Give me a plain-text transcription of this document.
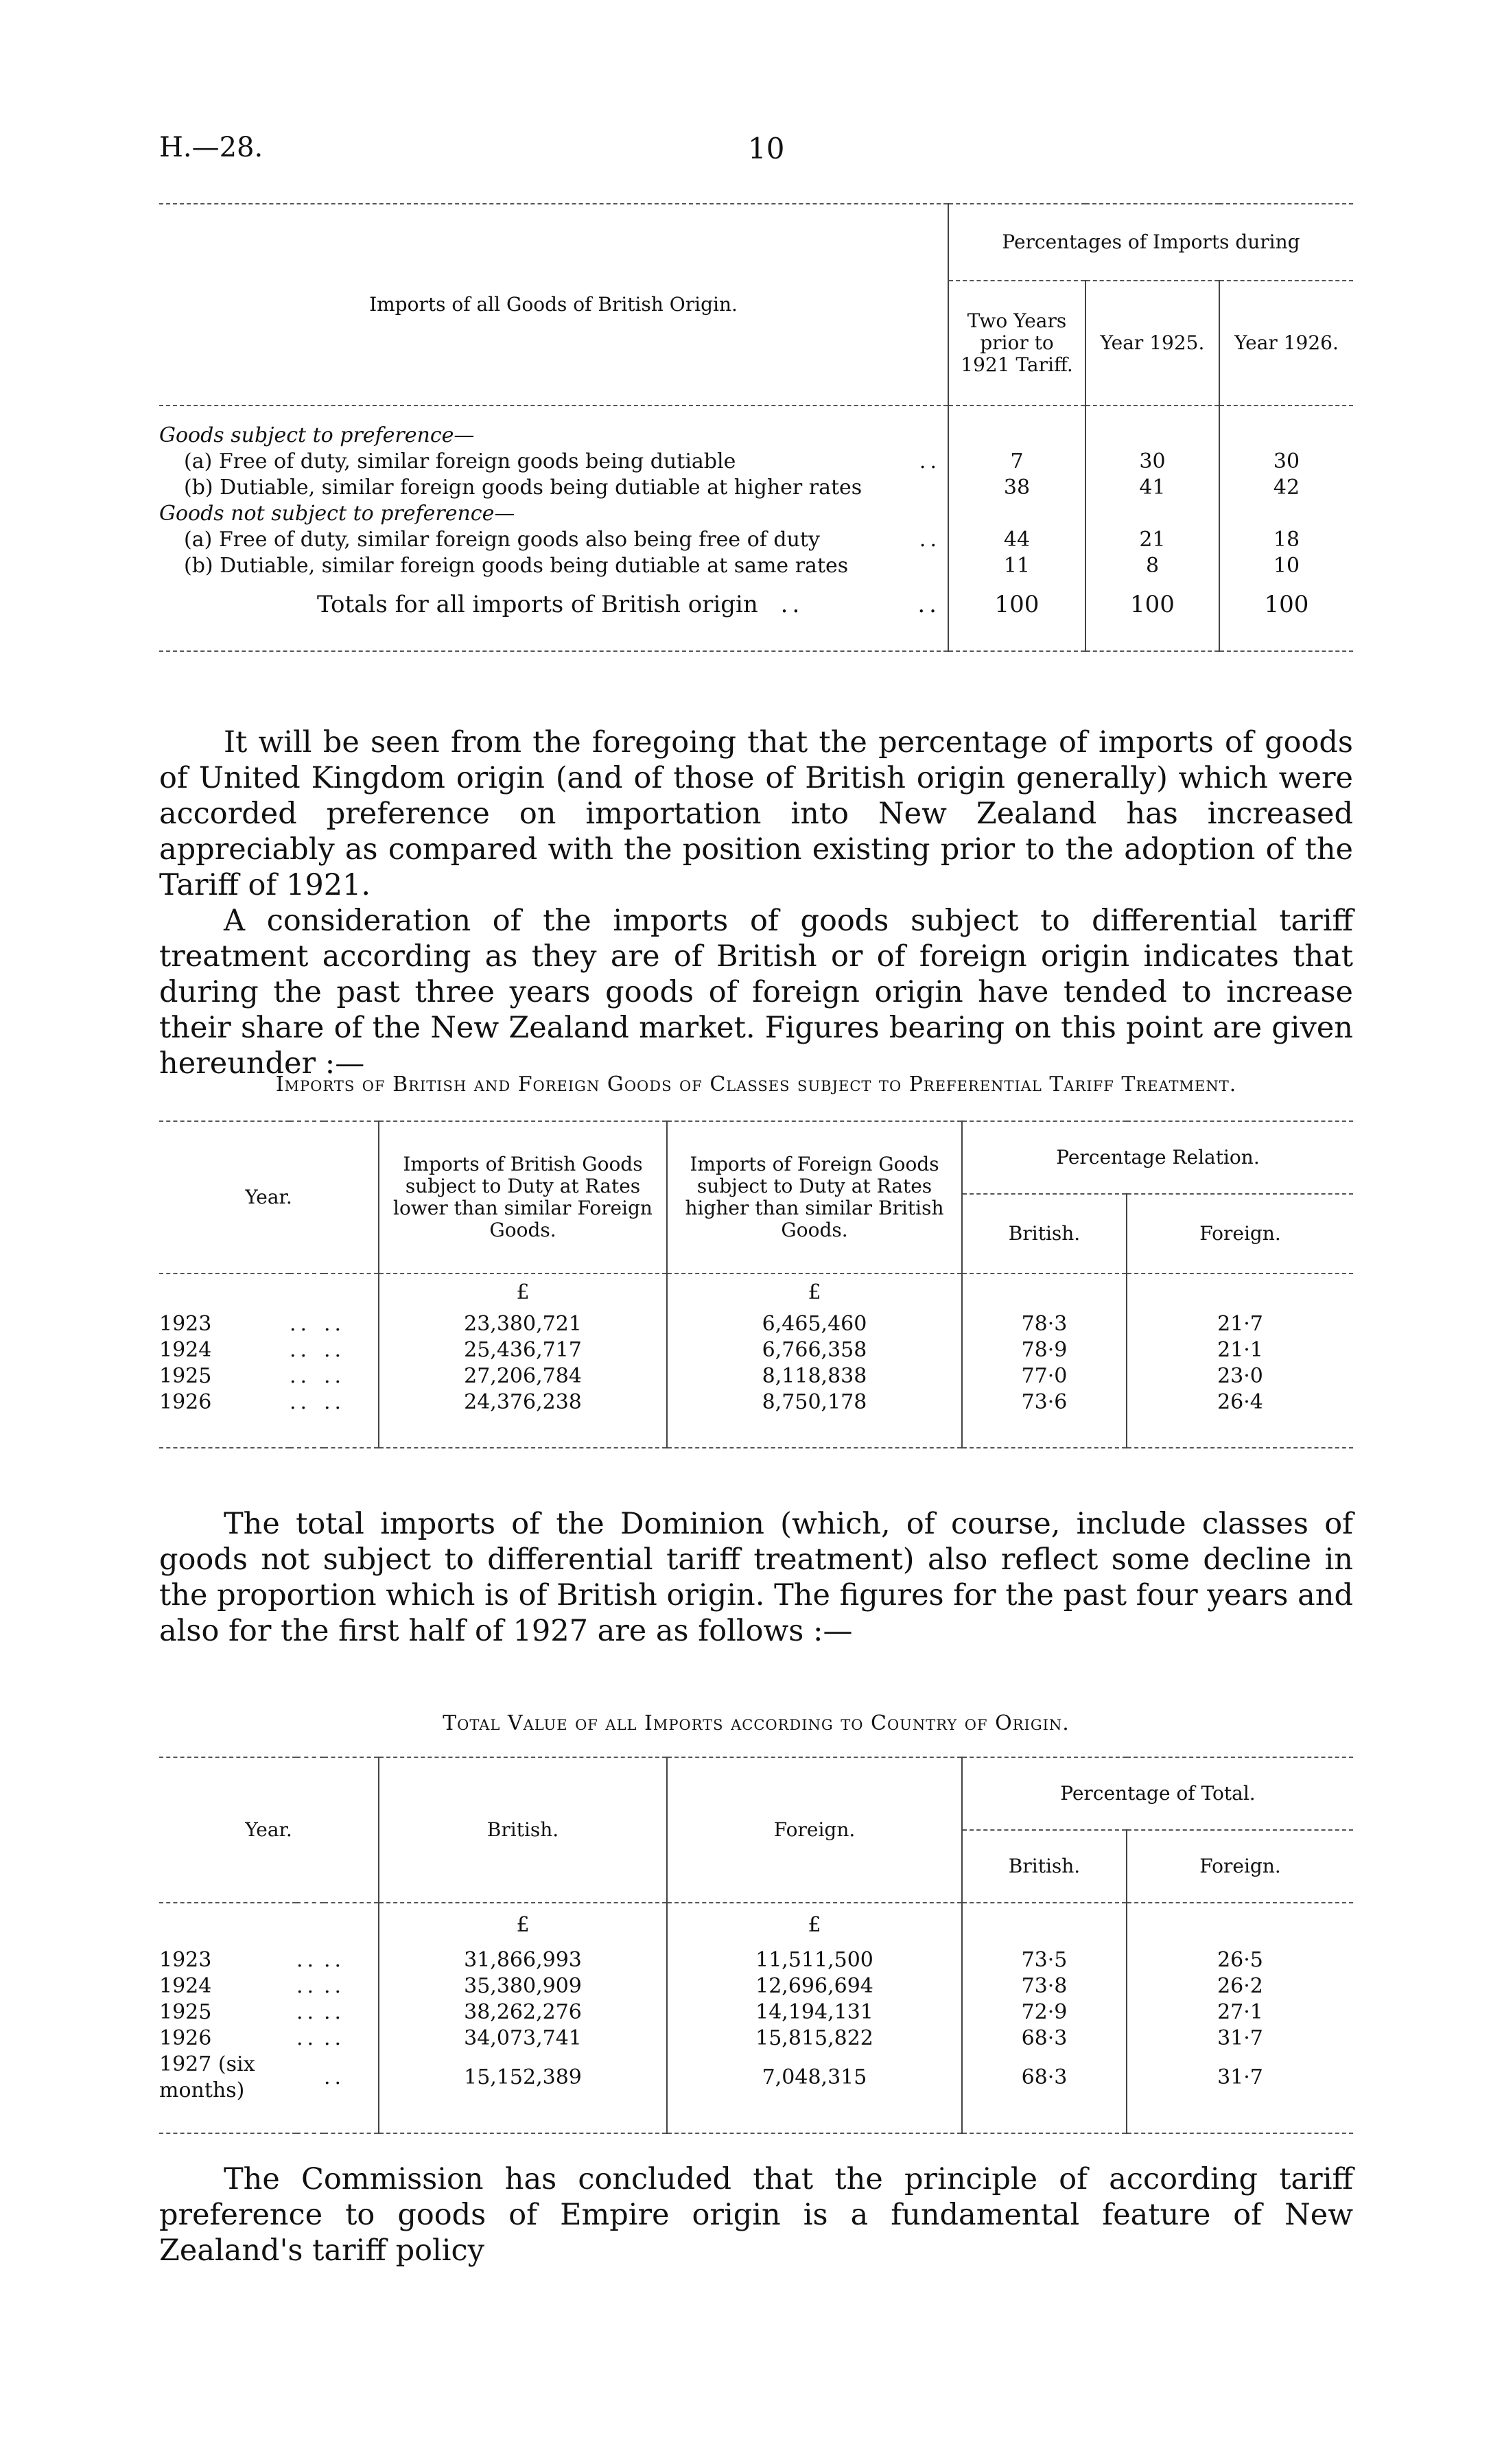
H.—28.	10
Imports of all Goods of British Origin.	Percentages of Imports during		
	Two Years prior to 1921 Tariff.	Year 1925.	Year 1926.

Goods subject to preference—			
(a) Free of duty, similar foreign goods being dutiable ..	7	30	30
(b) Dutiable, similar foreign goods being dutiable at higher rates	38	41	42
Goods not subject to preference—			
(a) Free of duty, similar foreign goods also being free of duty ..	44	21	18
(b) Dutiable, similar foreign goods being dutiable at same rates	11	8	10

Totals for all imports of British origin .. ..	100	100	100

It will be seen from the foregoing that the percentage of imports of goods of United Kingdom origin (and of those of British origin generally) which were accorded preference on importation into New Zealand has increased appreciably as compared with the position existing prior to the adoption of the Tariff of 1921.

A consideration of the imports of goods subject to differential tariff treatment according as they are of British or of foreign origin indicates that during the past three years goods of foreign origin have tended to increase their share of the New Zealand market. Figures bearing on this point are given hereunder :—

Imports of British and Foreign Goods of Classes subject to Preferential Tariff Treatment.
Year.			Imports of British Goods subject to Duty at Rates lower than similar Foreign Goods.	Imports of Foreign Goods subject to Duty at Rates higher than similar British Goods.	Percentage Relation.	
					British.	Foreign.
			£	£		
1923	..	..	23,380,721	6,465,460	78·3	21·7
1924	..	..	25,436,717	6,766,358	78·9	21·1
1925	..	..	27,206,784	8,118,838	77·0	23·0
1926	..	..	24,376,238	8,750,178	73·6	26·4

The total imports of the Dominion (which, of course, include classes of goods not subject to differential tariff treatment) also reflect some decline in the proportion which is of British origin. The figures for the past four years and also for the first half of 1927 are as follows :—

Total Value of all Imports according to Country of Origin.
Year.			British.	Foreign.	Percentage of Total.	
					British.	Foreign.
			£	£		
1923	..	..	31,866,993	11,511,500	73·5	26·5
1924	..	..	35,380,909	12,696,694	73·8	26·2
1925	..	..	38,262,276	14,194,131	72·9	27·1
1926	..	..	34,073,741	15,815,822	68·3	31·7
1927 (six months)		..	15,152,389	7,048,315	68·3	31·7

The Commission has concluded that the principle of according tariff preference to goods of Empire origin is a fundamental feature of New Zealand's tariff policy
